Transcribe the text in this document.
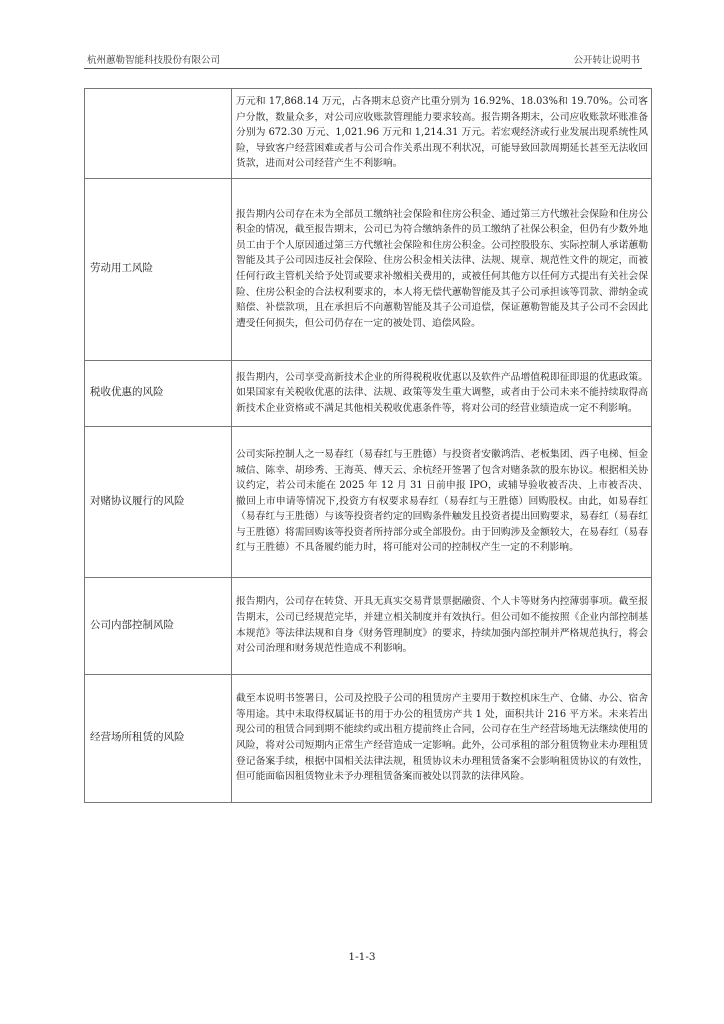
杭州蕙勒智能科技股份有限公司	公开转让说明书
	万元和 17,868.14 万元，占各期末总资产比重分别为 16.92%、18.03%和 19.70%。公司客户分散，数量众多，对公司应收账款管理能力要求较高。报告期各期末，公司应收账款坏账准备分别为 672.30 万元、1,021.96 万元和 1,214.31 万元。若宏观经济或行业发展出现系统性风险，导致客户经营困难或者与公司合作关系出现不利状况，可能导致回款周期延长甚至无法收回货款，进而对公司经营产生不利影响。
劳动用工风险	报告期内公司存在未为全部员工缴纳社会保险和住房公积金、通过第三方代缴社会保险和住房公积金的情况，截至报告期末，公司已为符合缴纳条件的员工缴纳了社保公积金，但仍有少数外地员工由于个人原因通过第三方代缴社会保险和住房公积金。公司控股股东、实际控制人承诺蕙勒智能及其子公司因违反社会保险、住房公积金相关法律、法规、规章、规范性文件的规定，而被任何行政主管机关给予处罚或要求补缴相关费用的，或被任何其他方以任何方式提出有关社会保险、住房公积金的合法权利要求的，本人将无偿代蕙勒智能及其子公司承担该等罚款、滞纳金或赔偿、补偿款项，且在承担后不向蕙勒智能及其子公司追偿，保证蕙勒智能及其子公司不会因此遭受任何损失，但公司仍存在一定的被处罚、追偿风险。
税收优惠的风险	报告期内，公司享受高新技术企业的所得税税收优惠以及软件产品增值税即征即退的优惠政策。如果国家有关税收优惠的法律、法规、政策等发生重大调整，或者由于公司未来不能持续取得高新技术企业资格或不满足其他相关税收优惠条件等，将对公司的经营业绩造成一定不利影响。
对赌协议履行的风险	公司实际控制人之一易春红（易春红与王胜德）与投资者安徽鸿浩、老板集团、西子电梯、恒金城信、陈幸、胡珍秀、王海英、傅天云、余杭经开签署了包含对赌条款的股东协议。根据相关协议约定，若公司未能在 2025 年 12 月 31 日前申报 IPO，或辅导验收被否决、上市被否决、撤回上市申请等情况下,投资方有权要求易春红（易春红与王胜德）回购股权。由此，如易春红（易春红与王胜德）与该等投资者约定的回购条件触发且投资者提出回购要求，易春红（易春红与王胜德）将需回购该等投资者所持部分或全部股份。由于回购涉及金额较大，在易春红（易春红与王胜德）不具备履约能力时，将可能对公司的控制权产生一定的不利影响。
公司内部控制风险	报告期内，公司存在转贷、开具无真实交易背景票据融资、个人卡等财务内控薄弱事项。截至报告期末，公司已经规范完毕，并建立相关制度并有效执行。但公司如不能按照《企业内部控制基本规范》等法律法规和自身《财务管理制度》的要求，持续加强内部控制并严格规范执行，将会对公司治理和财务规范性造成不利影响。
经营场所租赁的风险	截至本说明书签署日，公司及控股子公司的租赁房产主要用于数控机床生产、仓储、办公、宿舍等用途。其中未取得权属证书的用于办公的租赁房产共 1 处，面积共计 216 平方米。未来若出现公司的租赁合同到期不能续约或出租方提前终止合同，公司存在生产经营场地无法继续使用的风险，将对公司短期内正常生产经营造成一定影响。此外，公司承租的部分租赁物业未办理租赁登记备案手续，根据中国相关法律法规，租赁协议未办理租赁备案不会影响租赁协议的有效性，但可能面临因租赁物业未予办理租赁备案而被处以罚款的法律风险。
1-1-3
